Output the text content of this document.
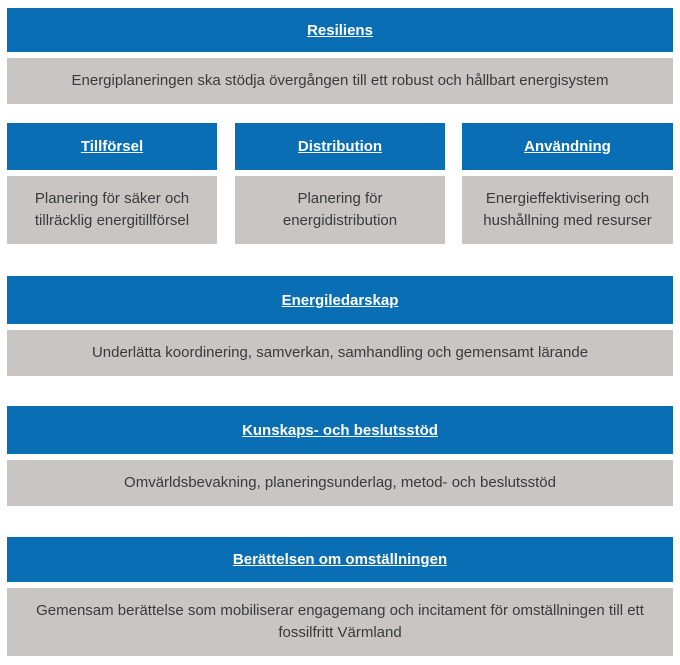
Resiliens
Energiplaneringen ska stödja övergången till ett robust och hållbart energisystem
Tillförsel
Planering för säker och tillräcklig energitillförsel
Distribution
Planering för energidistribution
Användning
Energieffektivisering och hushållning med resurser
Energiledarskap
Underlätta koordinering, samverkan, samhandling och gemensamt lärande
Kunskaps- och beslutsstöd
Omvärldsbevakning, planeringsunderlag, metod- och beslutsstöd
Berättelsen om omställningen
Gemensam berättelse som mobiliserar engagemang och incitament för omställningen till ett fossilfritt Värmland
